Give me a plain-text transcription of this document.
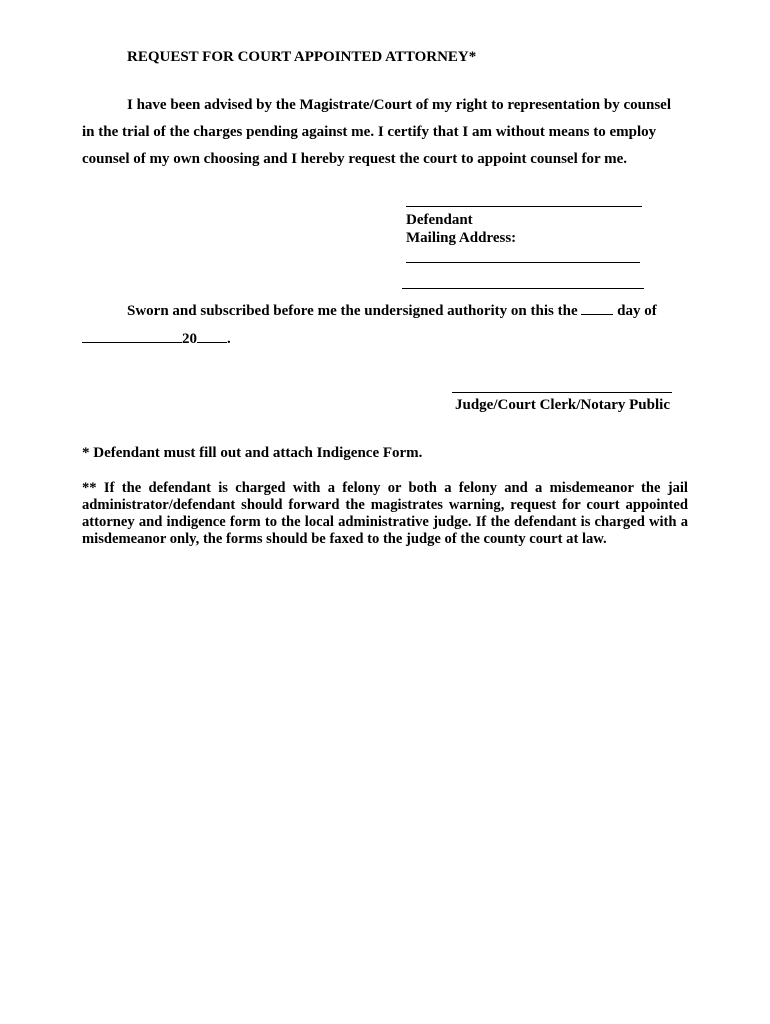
REQUEST FOR COURT APPOINTED ATTORNEY*
I have been advised by the Magistrate/Court of my right to representation by counsel
in the trial of the charges pending against me. I certify that I am without means to employ
counsel of my own choosing and I hereby request the court to appoint counsel for me.
Defendant
Mailing Address:
Sworn and subscribed before me the undersigned authority on this the  day of
20 .
Judge/Court Clerk/Notary Public
* Defendant must fill out and attach Indigence Form.
** If the defendant is charged with a felony or both a felony and a misdemeanor the jail administrator/defendant should forward the magistrates warning, request for court appointed attorney and indigence form to the local administrative judge. If the defendant is charged with a misdemeanor only, the forms should be faxed to the judge of the county court at law.
